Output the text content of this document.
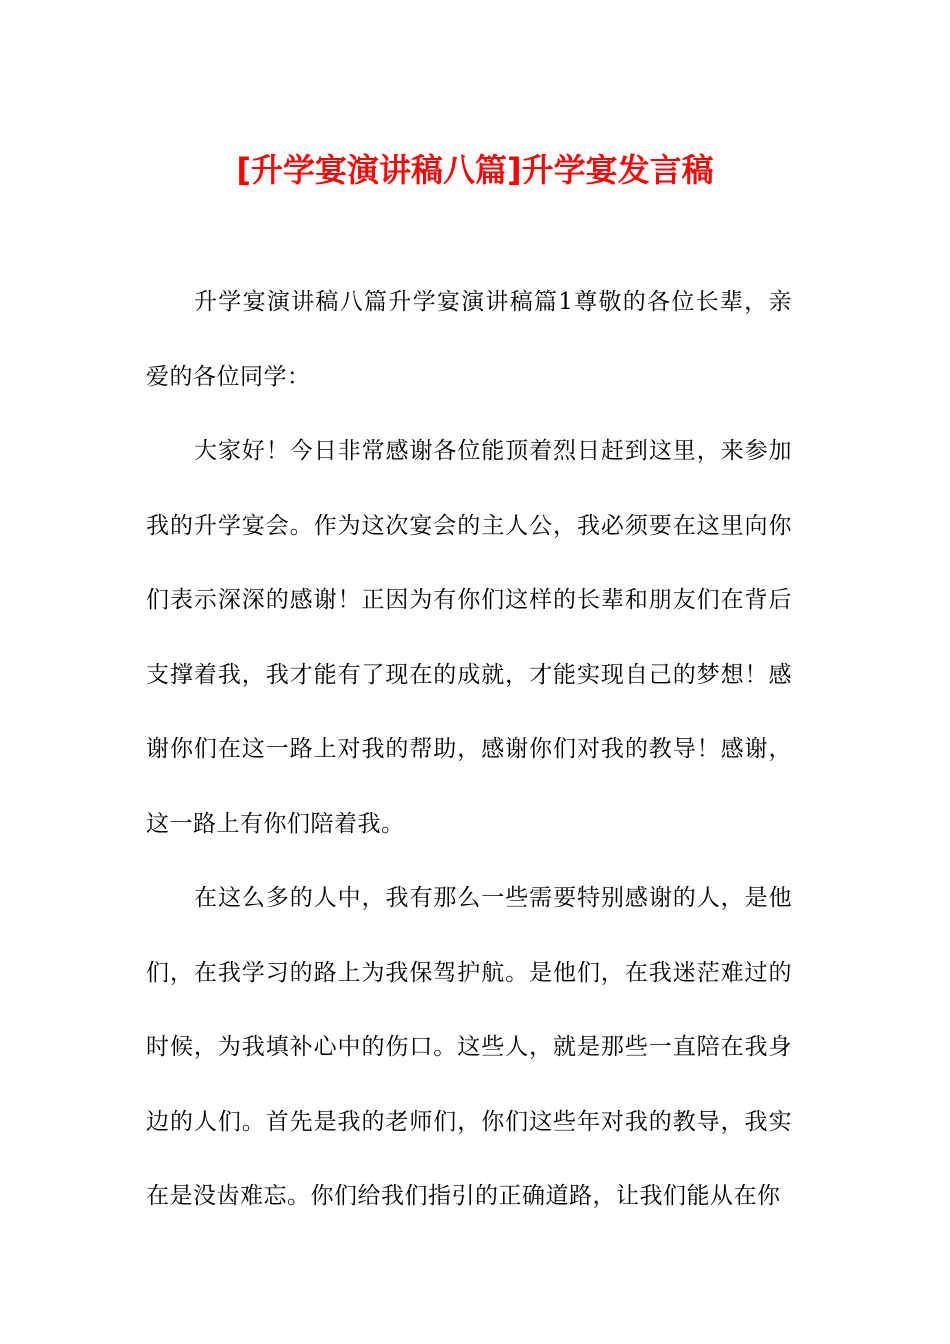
[升学宴演讲稿八篇]升学宴发言稿

升学宴演讲稿八篇升学宴演讲稿篇1尊敬的各位长辈，亲爱的各位同学：

大家好！今日非常感谢各位能顶着烈日赶到这里，来参加我的升学宴会。作为这次宴会的主人公，我必须要在这里向你们表示深深的感谢！正因为有你们这样的长辈和朋友们在背后支撑着我，我才能有了现在的成就，才能实现自己的梦想！感谢你们在这一路上对我的帮助，感谢你们对我的教导！感谢，这一路上有你们陪着我。

在这么多的人中，我有那么一些需要特别感谢的人，是他们，在我学习的路上为我保驾护航。是他们，在我迷茫难过的时候，为我填补心中的伤口。这些人，就是那些一直陪在我身边的人们。首先是我的老师们，你们这些年对我的教导，我实在是没齿难忘。你们给我们指引的正确道路，让我们能从在你
